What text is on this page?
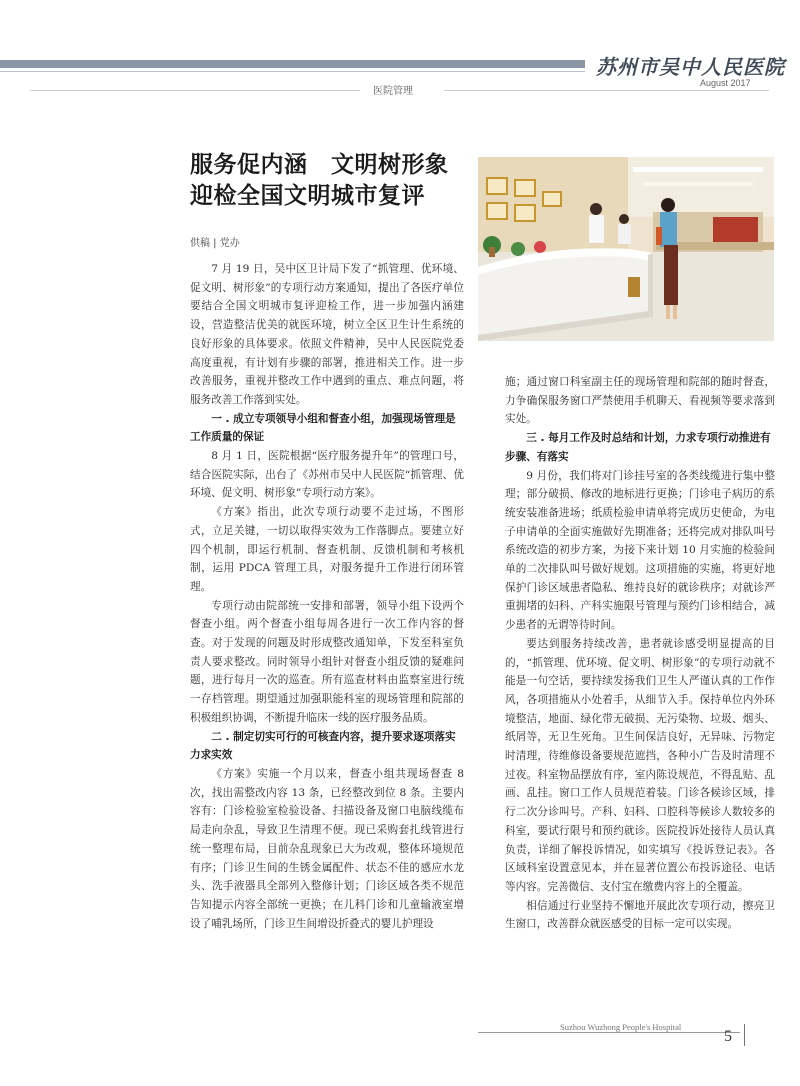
苏州市吴中人民医院
August 2017
医院管理
服务促内涵　文明树形象
迎检全国文明城市复评
供稿 | 党办

7 月 19 日，吴中区卫计局下发了“抓管理、优环境、促文明、树形象”的专项行动方案通知，提出了各医疗单位要结合全国文明城市复评迎检工作，进一步加强内涵建设，营造整洁优美的就医环境，树立全区卫生计生系统的良好形象的具体要求。依照文件精神，吴中人民医院党委高度重视，有计划有步骤的部署，推进相关工作。进一步改善服务，重视并整改工作中遇到的重点、难点问题，将服务改善工作落到实处。

一 . 成立专项领导小组和督查小组，加强现场管理是工作质量的保证

8 月 1 日，医院根据“医疗服务提升年”的管理口号，结合医院实际，出台了《苏州市吴中人民医院“抓管理、优环境、促文明、树形象”专项行动方案》。

《方案》指出，此次专项行动要不走过场，不图形式，立足关键，一切以取得实效为工作落脚点。要建立好四个机制，即运行机制、督查机制、反馈机制和考核机制，运用 PDCA 管理工具，对服务提升工作进行闭环管理。

专项行动由院部统一安排和部署，领导小组下设两个督查小组。两个督查小组每周各进行一次工作内容的督查。对于发现的问题及时形成整改通知单，下发至科室负责人要求整改。同时领导小组针对督查小组反馈的疑难问题，进行每月一次的巡查。所有巡查材料由监察室进行统一存档管理。期望通过加强职能科室的现场管理和院部的积极组织协调，不断提升临床一线的医疗服务品质。

二 . 制定切实可行的可核查内容，提升要求逐项落实力求实效

《方案》实施一个月以来，督查小组共现场督查 8 次，找出需整改内容 13 条，已经整改到位 8 条。主要内容有：门诊检验室检验设备、扫描设备及窗口电脑线缆布局走向杂乱，导致卫生清理不便。现已采购套扎线管进行统一整理布局，目前杂乱现象已大为改观，整体环境规范有序；门诊卫生间的生锈金属配件、状态不佳的感应水龙头、洗手液器具全部列入整修计划；门诊区域各类不规范告知提示内容全部统一更换；在儿科门诊和儿童输液室增设了哺乳场所，门诊卫生间增设折叠式的婴儿护理设

施；通过窗口科室副主任的现场管理和院部的随时督查，力争确保服务窗口严禁使用手机聊天、看视频等要求落到实处。

三 . 每月工作及时总结和计划，力求专项行动推进有步骤、有落实

9 月份，我们将对门诊挂号室的各类线缆进行集中整理；部分破损、修改的地标进行更换；门诊电子病历的系统安装准备进场；纸质检验申请单将完成历史使命，为电子申请单的全面实施做好先期准备；还将完成对排队叫号系统改造的初步方案，为接下来计划 10 月实施的检验间单的二次排队叫号做好规划。这项措施的实施，将更好地保护门诊区域患者隐私、维持良好的就诊秩序；对就诊严重拥堵的妇科、产科实施限号管理与预约门诊相结合，减少患者的无谓等待时间。

要达到服务持续改善，患者就诊感受明显提高的目的，“抓管理、优环境、促文明、树形象”的专项行动就不能是一句空话，要持续发扬我们卫生人严谨认真的工作作风，各项措施从小处着手，从细节入手。保持单位内外环境整洁，地面、绿化带无破损、无污染物、垃圾、烟头、纸屑等，无卫生死角。卫生间保洁良好，无异味、污物定时清理，待维修设备要规范遮挡，各种小广告及时清理不过夜。科室物品摆放有序，室内陈设规范，不得乱贴、乱画、乱挂。窗口工作人员规范着装。门诊各候诊区域，排行二次分诊叫号。产科、妇科、口腔科等候诊人数较多的科室，要试行限号和预约就诊。医院投诉处接待人员认真负责，详细了解投诉情况，如实填写《投诉登记表》。各区域科室设置意见本，并在显著位置公布投诉途径、电话等内容。完善微信、支付宝在缴费内容上的全覆盖。

相信通过行业坚持不懈地开展此次专项行动，擦亮卫生窗口，改善群众就医感受的目标一定可以实现。

Suzhou Wuzhong People's Hospital
5
